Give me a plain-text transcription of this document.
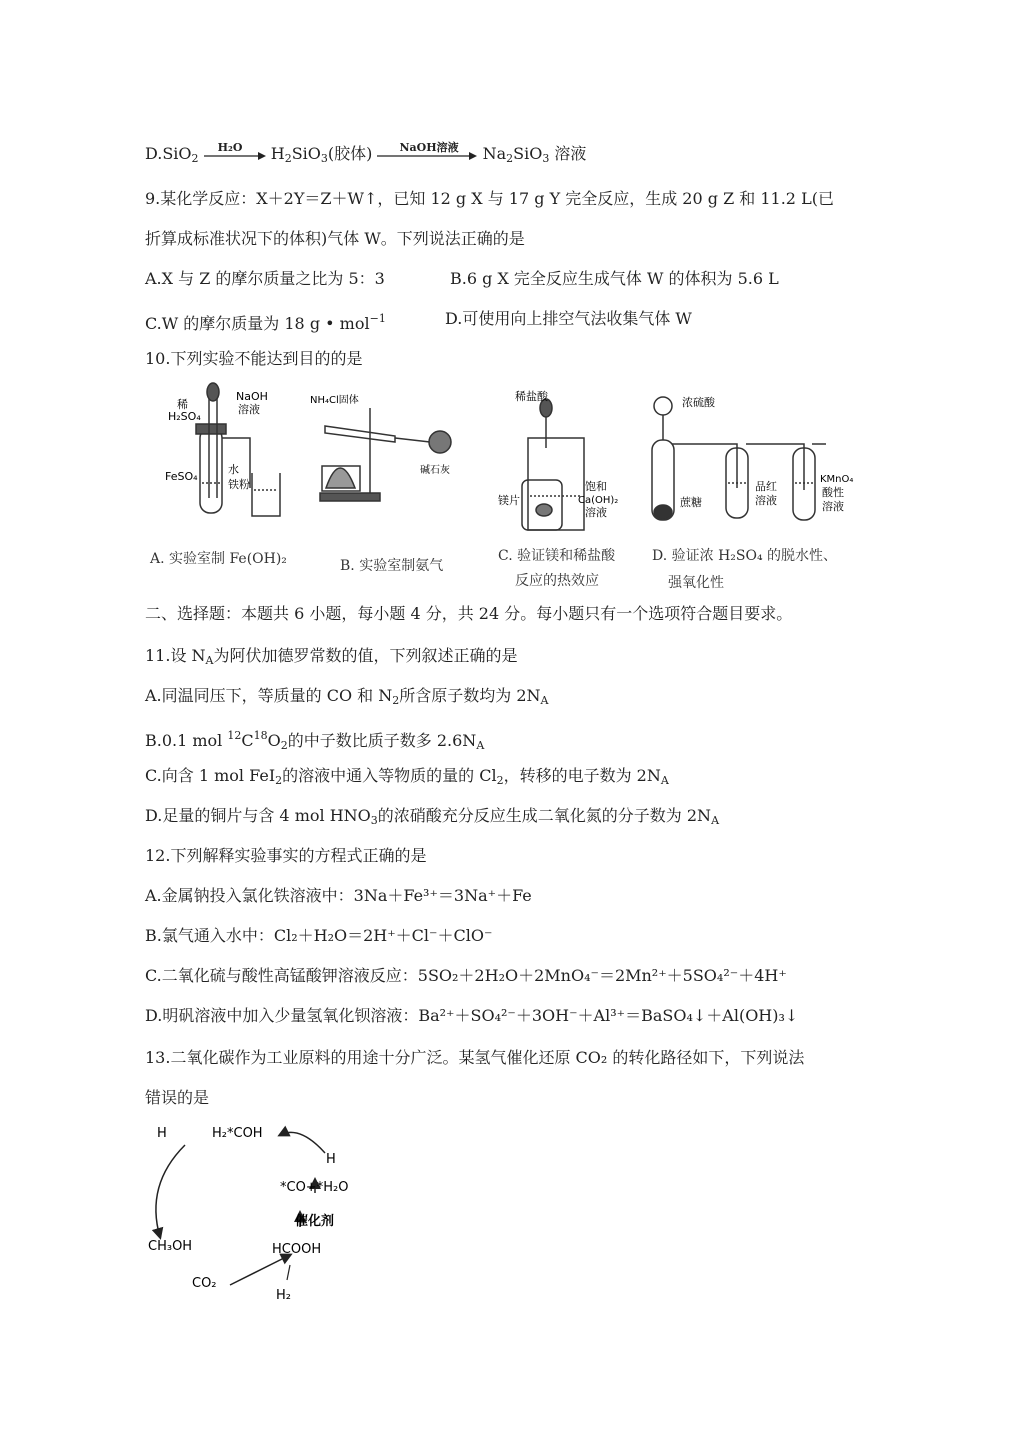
D.SiO$_2$
H₂O $H_2SiO_3$(胶体) NaOH溶液 $Na_2SiO_3$ 溶液
9.某化学反应：X＋2Y＝Z＋W↑，已知 12 g X 与 17 g Y 完全反应，生成 20 g Z 和 11.2 L(已
折算成标准状况下的体积)气体 W。下列说法正确的是
A.X 与 Z 的摩尔质量之比为 5：3	B.6 g X 完全反应生成气体 W 的体积为 5.6 L
C.W 的摩尔质量为 18 g • mol$^{-1}$	D.可使用向上排空气法收集气体 W
10.下列实验不能达到目的的是
稀
H₂SO₄
NaOH
溶液
FeSO₄
水
铁粉
NH₄Cl固体
碱石灰
稀盐酸
镁片
饱和
Ca(OH)₂
溶液
浓硫酸
蔗糖
品红
溶液
KMnO₄
酸性
溶液
A. 实验室制 Fe(OH)₂	B. 实验室制氨气
C. 验证镁和稀盐酸
反应的热效应
D. 验证浓 H₂SO₄ 的脱水性、
强氧化性
二、选择题：本题共 6 小题，每小题 4 分，共 24 分。每小题只有一个选项符合题目要求。
11.设 $N_A$为阿伏加德罗常数的值，下列叙述正确的是
A.同温同压下，等质量的 CO 和 $N_2$所含原子数均为 $2N_A$
B.0.1 mol $^{12}C^{18}O_2$的中子数比质子数多 $2.6N_A$
C.向含 1 mol FeI$_2$的溶液中通入等物质的量的 $Cl_2$，转移的电子数为 $2N_A$
D.足量的铜片与含 4 mol $HNO_3$的浓硝酸充分反应生成二氧化氮的分子数为 $2N_A$
12.下列解释实验事实的方程式正确的是
A.金属钠投入氯化铁溶液中：3Na＋Fe³⁺＝3Na⁺＋Fe
B.氯气通入水中：Cl₂＋H₂O＝2H⁺＋Cl⁻＋ClO⁻
C.二氧化硫与酸性高锰酸钾溶液反应：5SO₂＋2H₂O＋2MnO₄⁻＝2Mn²⁺＋5SO₄²⁻＋4H⁺
D.明矾溶液中加入少量氢氧化钡溶液：Ba²⁺＋SO₄²⁻＋3OH⁻＋Al³⁺＝BaSO₄↓＋Al(OH)₃↓
13.二氧化碳作为工业原料的用途十分广泛。某氢气催化还原 CO₂ 的转化路径如下，下列说法
错误的是
H	H₂*COH
H
*CO+*H₂O
催化剂
CH₃OH	HCOOH
CO₂
H₂
